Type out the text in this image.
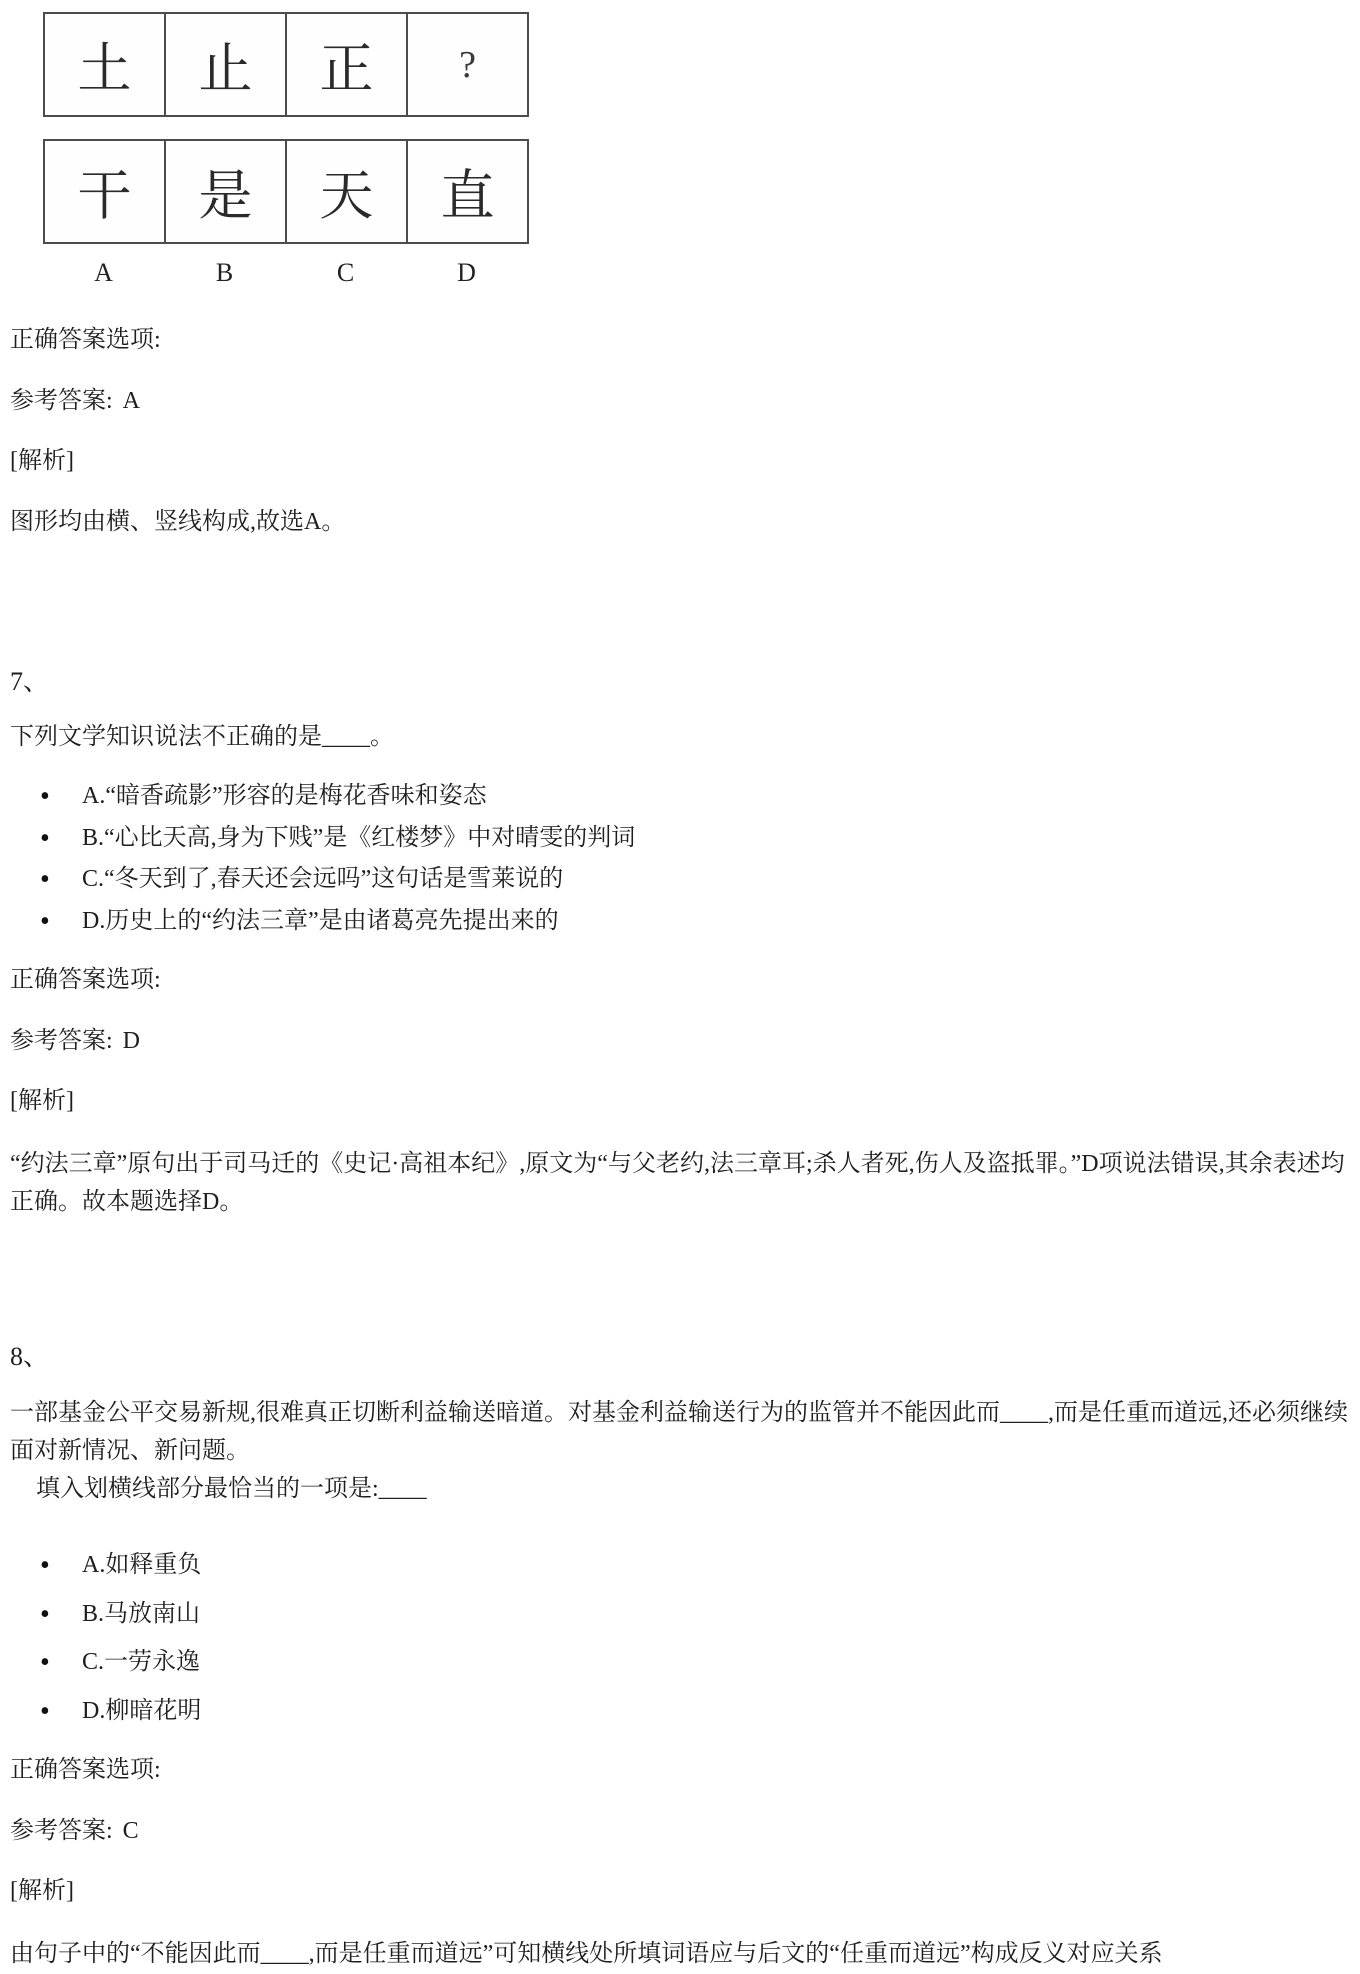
土 止 正 ?
干 是 天 直
A	B	C	D

正确答案选项:

参考答案: A

[解析]

图形均由横、竖线构成,故选A。

7、

下列文学知识说法不正确的是____。

• A.“暗香疏影”形容的是梅花香味和姿态
• B.“心比天高,身为下贱”是《红楼梦》中对晴雯的判词
• C.“冬天到了,春天还会远吗”这句话是雪莱说的
• D.历史上的“约法三章”是由诸葛亮先提出来的

正确答案选项:

参考答案: D

[解析]

“约法三章”原句出于司马迁的《史记·高祖本纪》,原文为“与父老约,法三章耳;杀人者死,伤人及盗抵罪。”D项说法错误,其余表述均正确。故本题选择D。

8、

一部基金公平交易新规,很难真正切断利益输送暗道。对基金利益输送行为的监管并不能因此而____,而是任重而道远,还必须继续面对新情况、新问题。

填入划横线部分最恰当的一项是:____

• A.如释重负
• B.马放南山
• C.一劳永逸
• D.柳暗花明

正确答案选项:

参考答案: C

[解析]

由句子中的“不能因此而____,而是任重而道远”可知横线处所填词语应与后文的“任重而道远”构成反义对应关系
